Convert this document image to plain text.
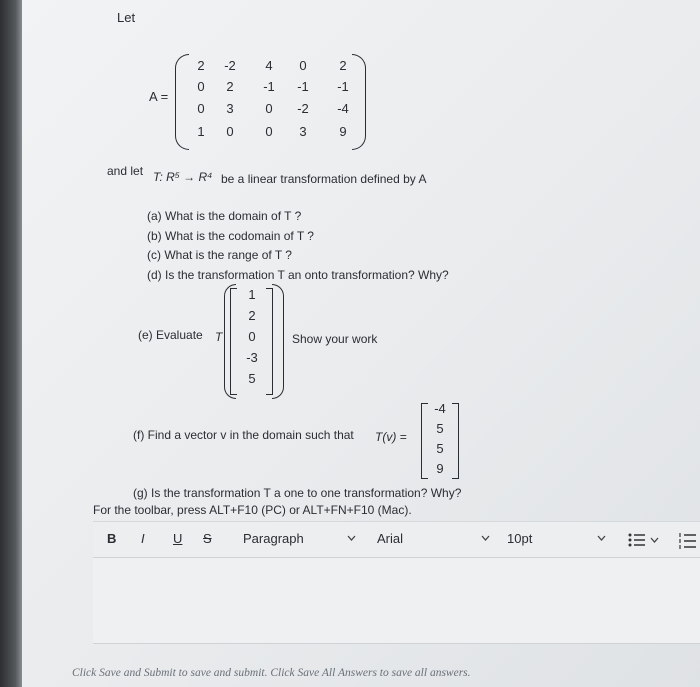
Let
A =
2	-2	4	0	2
0	2	-1	-1	-1
0	3	0	-2	-4
1	0	0	3	9
and let T: R⁵ → R⁴ be a linear transformation defined by A
(a) What is the domain of T ?
(b) What is the codomain of T ?
(c) What is the range of T ?
(d) Is the transformation T an onto transformation? Why?
(e) Evaluate T
1
2
0
-3
5
Show your work
(f) Find a vector v in the domain such that T(v) =
-4
5
5
9
(g) Is the transformation T a one to one transformation? Why?
For the toolbar, press ALT+F10 (PC) or ALT+FN+F10 (Mac).
B I U S Paragraph	Arial	10pt
Click Save and Submit to save and submit. Click Save All Answers to save all answers.
